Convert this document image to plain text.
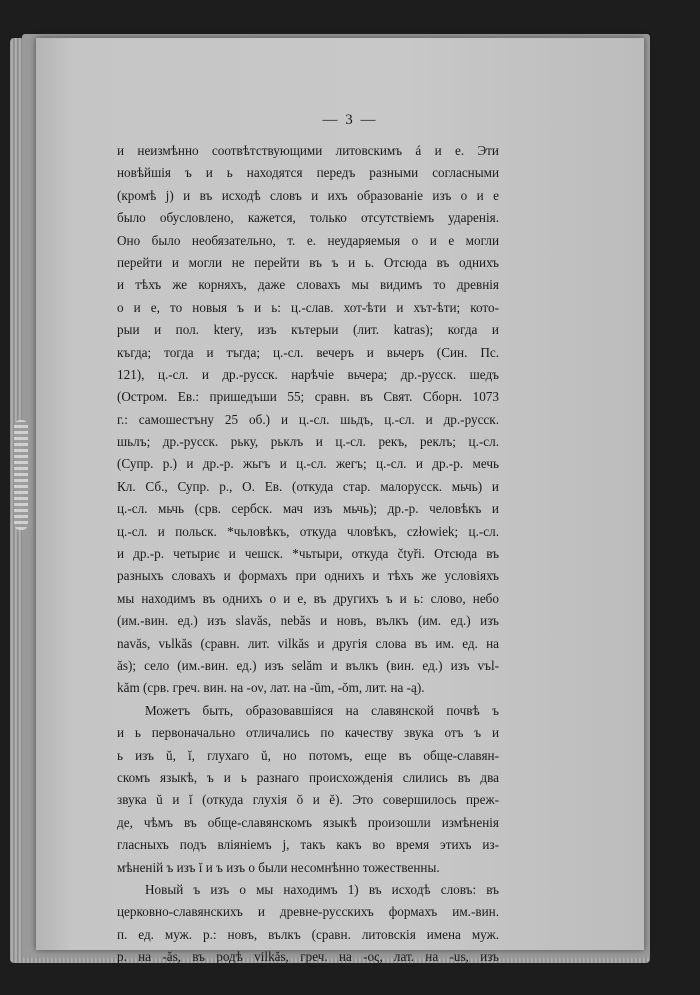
— 3 —
и неизмѣнно соотвѣтствующими литовскимъ á и e. Эти
новѣйшія ъ и ь находятся передъ разными согласными
(кромѣ j) и въ исходѣ словъ и ихъ образованіе изъ o и e
было обусловлено, кажется, только отсутствіемъ ударенія.
Оно было необязательно, т. е. неударяемыя o и e могли
перейти и могли не перейти въ ъ и ь. Отсюда въ однихъ
и тѣхъ же корняхъ, даже словахъ мы видимъ то древнія
o и e, то новыя ъ и ь: ц.-слав. хот-ѣти и хът-ѣти; кото-
рыи и пол. ktery, изъ кътерыи (лит. katras); когда и
къгда; тогда и тъгда; ц.-сл. вечеръ и вьчеръ (Син. Пс.
121), ц.-сл. и др.-русск. нарѣчіе вьчера; др.-русск. шедъ
(Остром. Ев.: пришедъши 55; сравн. въ Свят. Сборн. 1073
г.: самошестъну 25 об.) и ц.-сл. шьдъ, ц.-сл. и др.-русск.
шьлъ; др.-русск. рьку, рьклъ и ц.-сл. рекъ, реклъ; ц.-сл.
(Супр. р.) и др.-р. жьгъ и ц.-сл. жегъ; ц.-сл. и др.-р. мечь
Кл. Сб., Супр. р., О. Ев. (откуда стар. малорусск. мьчь) и
ц.-сл. мьчь (срв. сербск. мач изъ мьчь); др.-р. человѣкъ и
ц.-сл. и польск. *чьловѣкъ, откуда чловѣкъ, człowiek; ц.-сл.
и др.-р. четыриє и чешск. *чьтыри, откуда čtyři. Отсюда въ
разныхъ словахъ и формахъ при однихъ и тѣхъ же условіяхъ
мы находимъ въ однихъ o и e, въ другихъ ъ и ь: слово, небо
(им.-вин. ед.) изъ slavăs, nebăs и новъ, вълкъ (им. ед.) изъ
navăs, vьlkăs (сравн. лит. vilkăs и другія слова въ им. ед. на
ăs); село (им.-вин. ед.) изъ selăm и вълкъ (вин. ед.) изъ vъl-
kăm (срв. греч. вин. на -ον, лат. на -ŭm, -ŏm, лит. на -ą).
Можетъ быть, образовавшіяся на славянской почвѣ ъ
и ь первоначально отличались по качеству звука отъ ъ и
ь изъ ŭ, ĭ, глухаго ŭ, но потомъ, еще въ обще-славян-
скомъ языкѣ, ъ и ь разнаго происхожденія слились въ два
звука ŭ и ĭ (откуда глухія ŏ и ĕ). Это совершилось преж-
де, чѣмъ въ обще-славянскомъ языкѣ произошли измѣненія
гласныхъ подъ вліяніемъ j, такъ какъ во время этихъ из-
мѣненій ъ изъ ĭ и ъ изъ o были несомнѣнно тожественны.
Новый ъ изъ o мы находимъ 1) въ исходѣ словъ: въ
церковно-славянскихъ и древне-русскихъ формахъ им.-вин.
п. ед. муж. р.: новъ, вълкъ (сравн. литовскія имена муж.
р. на -ăs, въ родѣ vilkăs, греч. на -ος, лат. на -us, изъ
